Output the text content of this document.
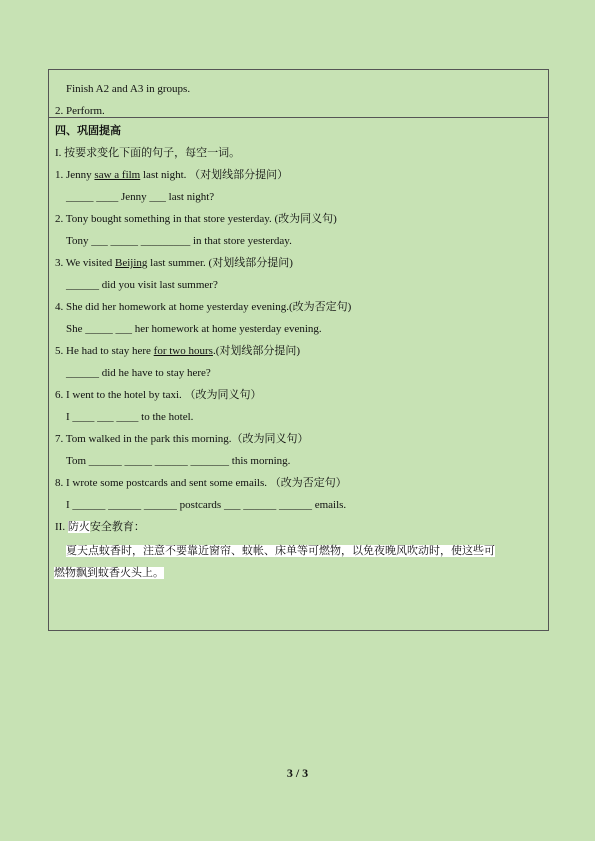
Finish A2 and A3 in groups.
2. Perform.
四、巩固提高
I. 按要求变化下面的句子，每空一词。
1. Jenny saw a film last night. （对划线部分提问）
_____ ____ Jenny ___ last night?
2. Tony bought something in that store yesterday. (改为同义句)
Tony ___ _____ _________ in that store yesterday.
3. We visited Beijing last summer. (对划线部分提问)
______ did you visit last summer?
4. She did her homework at home yesterday evening.(改为否定句)
She _____ ___ her homework at home yesterday evening.
5. He had to stay here for two hours.(对划线部分提问)
______ did he have to stay here?
6. I went to the hotel by taxi. （改为同义句）
I ____ ___ ____ to the hotel.
7. Tom walked in the park this morning.（改为同义句）
Tom ______ _____ ______ _______ this morning.
8. I wrote some postcards and sent some emails. （改为否定句）
I ______ ______ ______ postcards ___ ______ ______ emails.
II. 防火安全教育：
夏天点蚊香时，注意不要靠近窗帘、蚊帐、床单等可燃物，以免夜晚风吹动时，使这些可
燃物飘到蚊香火头上。
3 / 3
